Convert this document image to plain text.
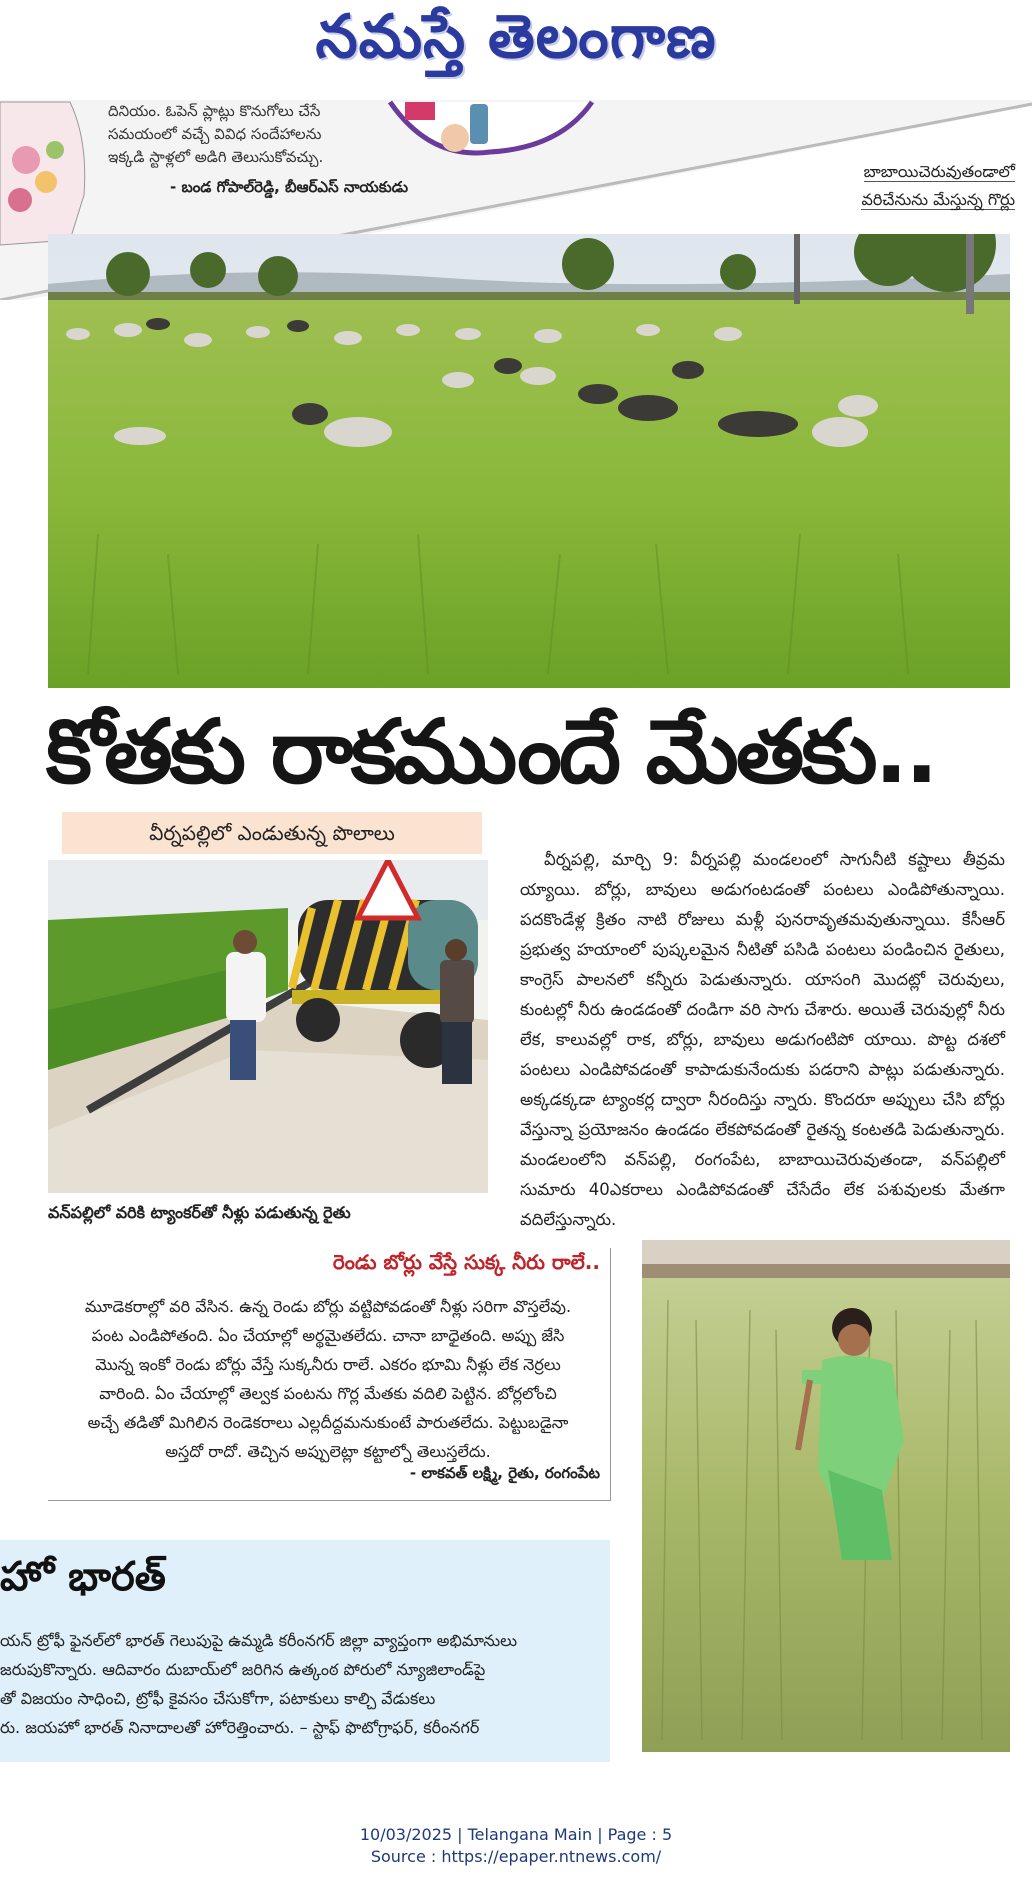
నమస్తే తెలంగాణ
దినియం. ఓపెన్ ప్లాట్లు కొనుగోలు చేసే
సమయంలో వచ్చే వివిధ సందేహాలను
ఇక్కడి స్టాళ్లలో అడిగి తెలుసుకోవచ్చు.
- బండ గోపాల్‌రెడ్డి, బీఆర్‌ఎస్ నాయకుడు
బాబాయిచెరువుతండాలో
వరిచేనును మేస్తున్న గొర్లు
కోతకు రాకముందే మేతకు..
వీర్నపల్లిలో ఎండుతున్న పొలాలు
వన్‌పల్లిలో వరికి ట్యాంకర్‌తో నీళ్లు పడుతున్న రైతు
వీర్నపల్లి, మార్చి 9: వీర్నపల్లి మండలంలో సాగునీటి కష్టాలు తీవ్రమ య్యాయి. బోర్లు, బావులు అడుగంటడంతో పంటలు ఎండిపోతున్నాయి. పదకొండేళ్ల క్రితం నాటి రోజులు మళ్లీ పునరావృతమవుతున్నాయి. కేసీఆర్ ప్రభుత్వ హయాంలో పుష్కలమైన నీటితో పసిడి పంటలు పండించిన రైతులు, కాంగ్రెస్ పాలనలో కన్నీరు పెడుతున్నారు. యాసంగి మొదట్లో చెరువులు, కుంటల్లో నీరు ఉండడంతో దండిగా వరి సాగు చేశారు. అయితే చెరువుల్లో నీరు లేక, కాలువల్లో రాక, బోర్లు, బావులు అడుగంటిపో యాయి. పొట్ట దశలో పంటలు ఎండిపోవడంతో కాపాడుకునేందుకు పడరాని పాట్లు పడుతున్నారు. అక్కడక్కడా ట్యాంకర్ల ద్వారా నీరందిస్తు న్నారు. కొందరూ అప్పులు చేసి బోర్లు వేస్తున్నా ప్రయోజనం ఉండడం లేకపోవడంతో రైతన్న కంటతడి పెడుతున్నారు. మండలంలోని వన్‌పల్లి, రంగంపేట, బాబాయిచెరువుతండా, వన్‌పల్లిలో సుమారు 40ఎకరాలు ఎండిపోవడంతో చేసేదేం లేక పశువులకు మేతగా వదిలేస్తున్నారు.
రెండు బోర్లు వేస్తే సుక్క నీరు రాలే..
మూడెకరాల్లో వరి వేసిన. ఉన్న రెండు బోర్లు వట్టిపోవడంతో నీళ్లు సరిగా వొస్తలేవు.
పంట ఎండిపోతంది. ఏం చేయాల్లో అర్థమైతలేదు. చానా బాధైతంది. అప్పు జేసి
మొన్న ఇంకో రెండు బోర్లు వేస్తే సుక్కనీరు రాలే. ఎకరం భూమి నీళ్లు లేక నెర్రలు
వారింది. ఏం చేయాల్లో తెల్వక పంటను గొర్ల మేతకు వదిలి పెట్టిన. బోర్లలోంచి
అచ్చే తడితో మిగిలిన రెండెకరాలు ఎల్లదీద్దమనుకుంటే పారుతలేదు. పెట్టుబడైనా
అస్తదో రాదో. తెచ్చిన అప్పులెట్లా కట్టాల్నో తెలుస్తలేదు.
- లాకవత్ లక్ష్మి, రైతు, రంగంపేట
హో భారత్
యన్ ట్రోఫీ ఫైనల్‌లో భారత్ గెలుపుపై ఉమ్మడి కరీంనగర్ జిల్లా వ్యాప్తంగా అభిమానులు
జరుపుకొన్నారు. ఆదివారం దుబాయ్‌లో జరిగిన ఉత్కంఠ పోరులో న్యూజిలాండ్‌పై
తో విజయం సాధించి, ట్రోఫీ కైవసం చేసుకోగా, పటాకులు కాల్చి వేడుకలు
రు. జయహో భారత్ నినాదాలతో హోరెత్తించారు. – స్టాఫ్ ఫొటోగ్రాఫర్, కరీంనగర్
10/03/2025 | Telangana Main | Page : 5
Source : https://epaper.ntnews.com/
